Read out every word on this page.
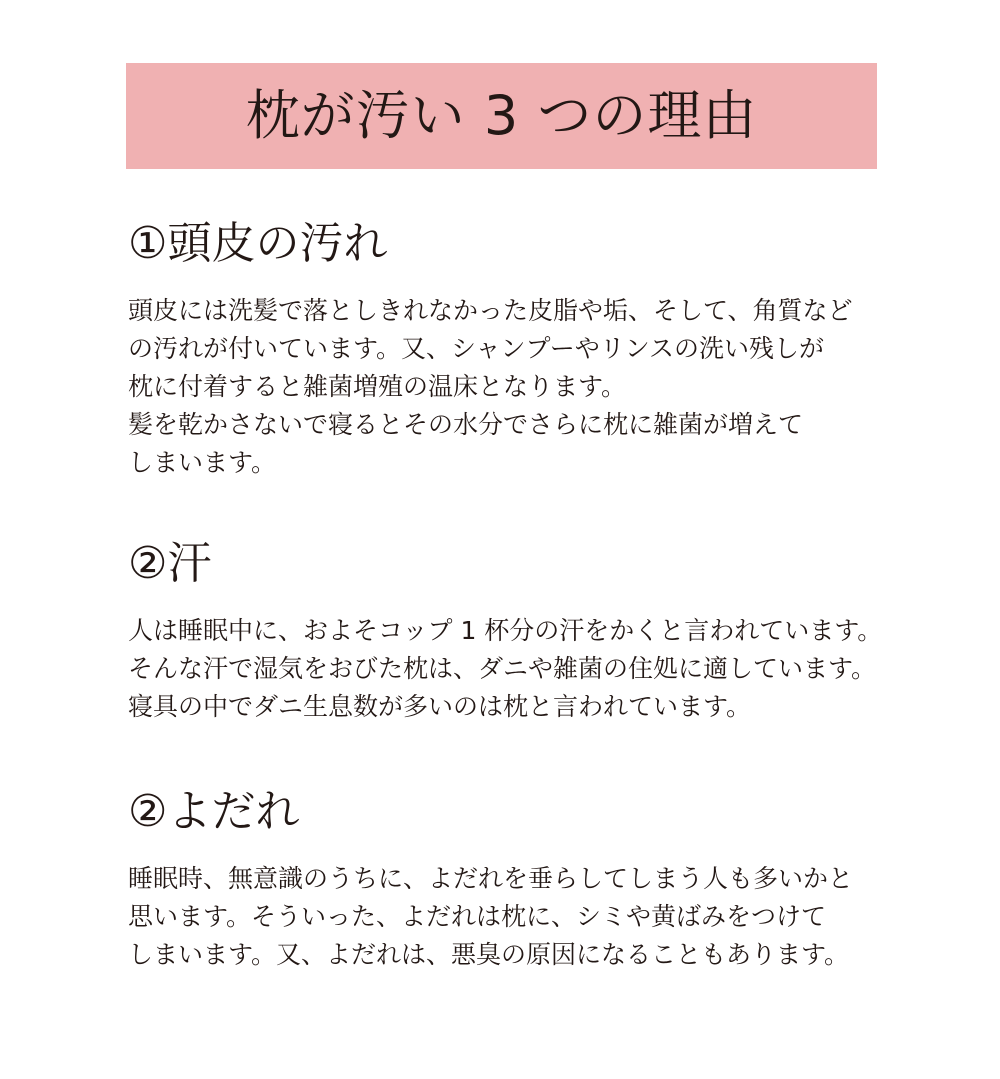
枕が汚い 3 つの理由
①頭皮の汚れ
頭皮には洗髪で落としきれなかった皮脂や垢、そして、角質など
の汚れが付いています。又、シャンプーやリンスの洗い残しが
枕に付着すると雑菌増殖の温床となります。
髪を乾かさないで寝るとその水分でさらに枕に雑菌が増えて
しまいます。
②汗
人は睡眠中に、およそコップ 1 杯分の汗をかくと言われています。
そんな汗で湿気をおびた枕は、ダニや雑菌の住処に適しています。
寝具の中でダニ生息数が多いのは枕と言われています。
②よだれ
睡眠時、無意識のうちに、よだれを垂らしてしまう人も多いかと
思います。そういった、よだれは枕に、シミや黄ばみをつけて
しまいます。又、よだれは、悪臭の原因になることもあります。
